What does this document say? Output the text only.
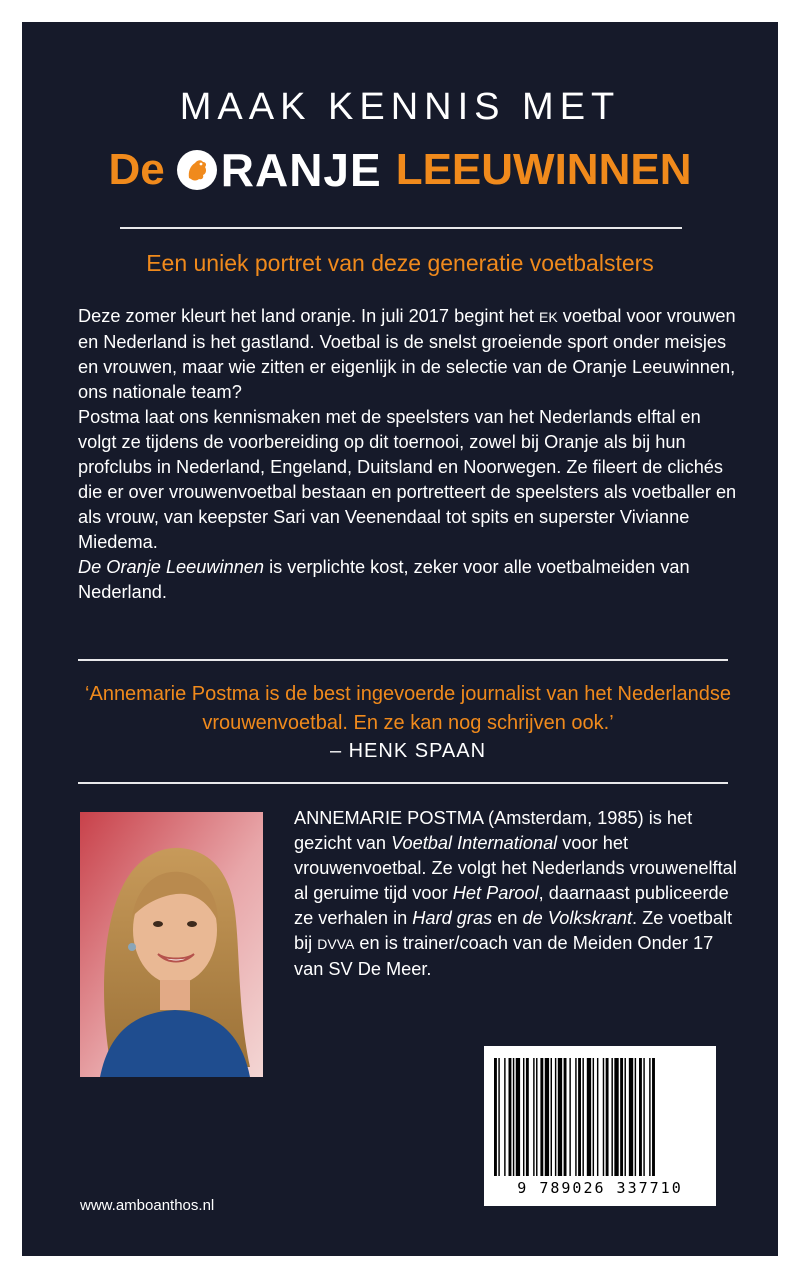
MAAK KENNIS MET
De RANJE LEEUWINNEN
Een uniek portret van deze generatie voetbalsters

Deze zomer kleurt het land oranje. In juli 2017 begint het EK voetbal voor vrouwen en Nederland is het gastland. Voetbal is de snelst groeiende sport onder meisjes en vrouwen, maar wie zitten er eigenlijk in de selectie van de Oranje Leeuwinnen, ons nationale team?

Postma laat ons kennismaken met de speelsters van het Nederlands elftal en volgt ze tijdens de voorbereiding op dit toernooi, zowel bij Oranje als bij hun profclubs in Nederland, Engeland, Duitsland en Noorwegen. Ze fileert de clichés die er over vrouwenvoetbal bestaan en portretteert de speelsters als voetballer en als vrouw, van keepster Sari van Veenendaal tot spits en superster Vivianne Miedema.

De Oranje Leeuwinnen is verplichte kost, zeker voor alle voetbalmeiden van Nederland.

‘Annemarie Postma is de best ingevoerde journalist van het Nederlandse vrouwenvoetbal. En ze kan nog schrijven ook.’
– HENK SPAAN
ANNEMARIE POSTMA (Amsterdam, 1985) is het gezicht van Voetbal International voor het vrouwenvoetbal. Ze volgt het Nederlands vrouwenelftal al geruime tijd voor Het Parool, daarnaast publiceerde ze verhalen in Hard gras en de Volkskrant. Ze voetbalt bij DVVA en is trainer/coach van de Meiden Onder 17 van SV De Meer.
9 789026 337710
www.amboanthos.nl
